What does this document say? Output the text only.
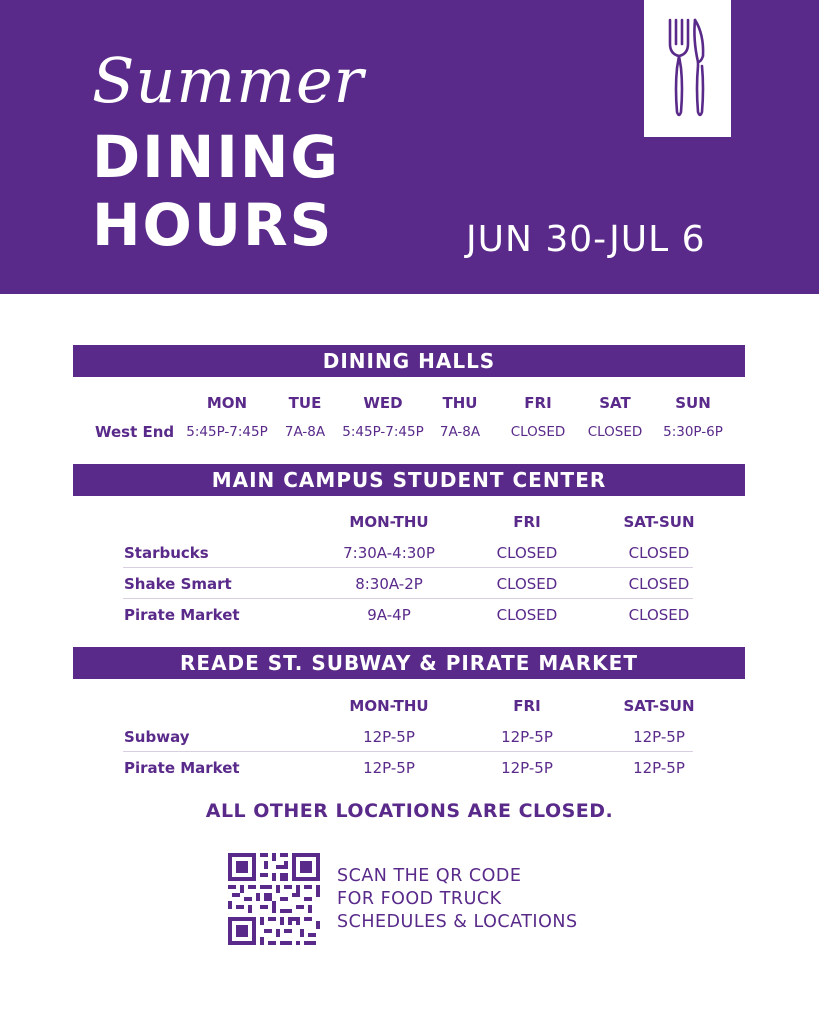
Summer
DINING
HOURS	JUN 30-JUL 6
DINING HALLS
MON	TUE	WED	THU	FRI	SAT	SUN
West End 5:45P-7:45P 7A-8A 5:45P-7:45P 7A-8A CLOSED CLOSED 5:30P-6P
MAIN CAMPUS STUDENT CENTER
MON-THU	FRI	SAT-SUN
Starbucks	7:30A-4:30P	CLOSED	CLOSED
Shake Smart	8:30A-2P	CLOSED	CLOSED
Pirate Market	9A-4P	CLOSED	CLOSED
READE ST. SUBWAY & PIRATE MARKET
MON-THU	FRI	SAT-SUN
Subway	12P-5P	12P-5P	12P-5P
Pirate Market	12P-5P	12P-5P	12P-5P
ALL OTHER LOCATIONS ARE CLOSED.
SCAN THE QR CODE
FOR FOOD TRUCK
SCHEDULES & LOCATIONS
